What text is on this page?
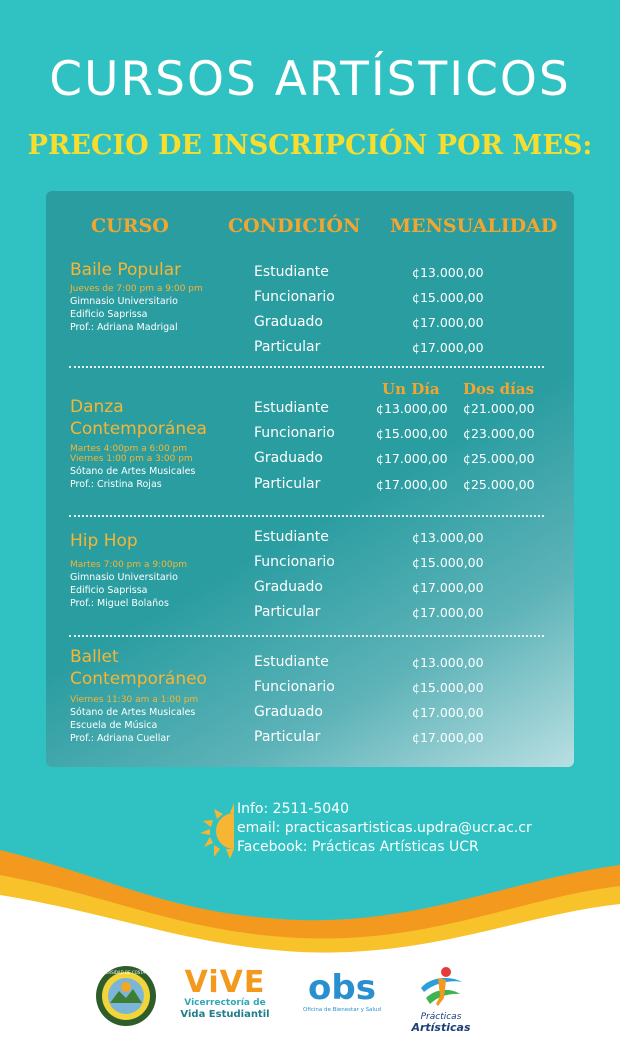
CURSOS ARTÍSTICOS
PRECIO DE INSCRIPCIÓN POR MES:
CURSO	CONDICIÓN MENSUALIDAD
Baile Popular
Jueves de 7:00 pm a 9:00 pm
Gimnasio Universitario
Edificio Saprissa
Prof.: Adriana Madrigal
Estudiante
Funcionario
Graduado
Particular
¢13.000,00
¢15.000,00
¢17.000,00
¢17.000,00
Un Día Dos días
Danza
Contemporánea
Martes 4:00pm a 6:00 pm
Viernes 1:00 pm a 3:00 pm
Sótano de Artes Musicales
Prof.: Cristina Rojas
Estudiante
Funcionario
Graduado
Particular
¢13.000,00
¢15.000,00
¢17.000,00
¢17.000,00
¢21.000,00
¢23.000,00
¢25.000,00
¢25.000,00
Hip Hop
Martes 7:00 pm a 9:00pm
Gimnasio Universitario
Edificio Saprissa
Prof.: Miguel Bolaños
Estudiante
Funcionario
Graduado
Particular
¢13.000,00
¢15.000,00
¢17.000,00
¢17.000,00
Ballet
Contemporáneo
Viernes 11:30 am a 1:00 pm
Sótano de Artes Musicales
Escuela de Música
Prof.: Adriana Cuellar
Estudiante
Funcionario
Graduado
Particular
¢13.000,00
¢15.000,00
¢17.000,00
¢17.000,00
Info: 2511-5040
email: practicasartisticas.updra@ucr.ac.cr
Facebook: Prácticas Artísticas UCR
UNIVERSIDAD DE COSTA RICA ViVE
Vicerrectoría de
Vida Estudiantil
obs
Oficina de Bienestar y Salud
Prácticas
Artísticas
